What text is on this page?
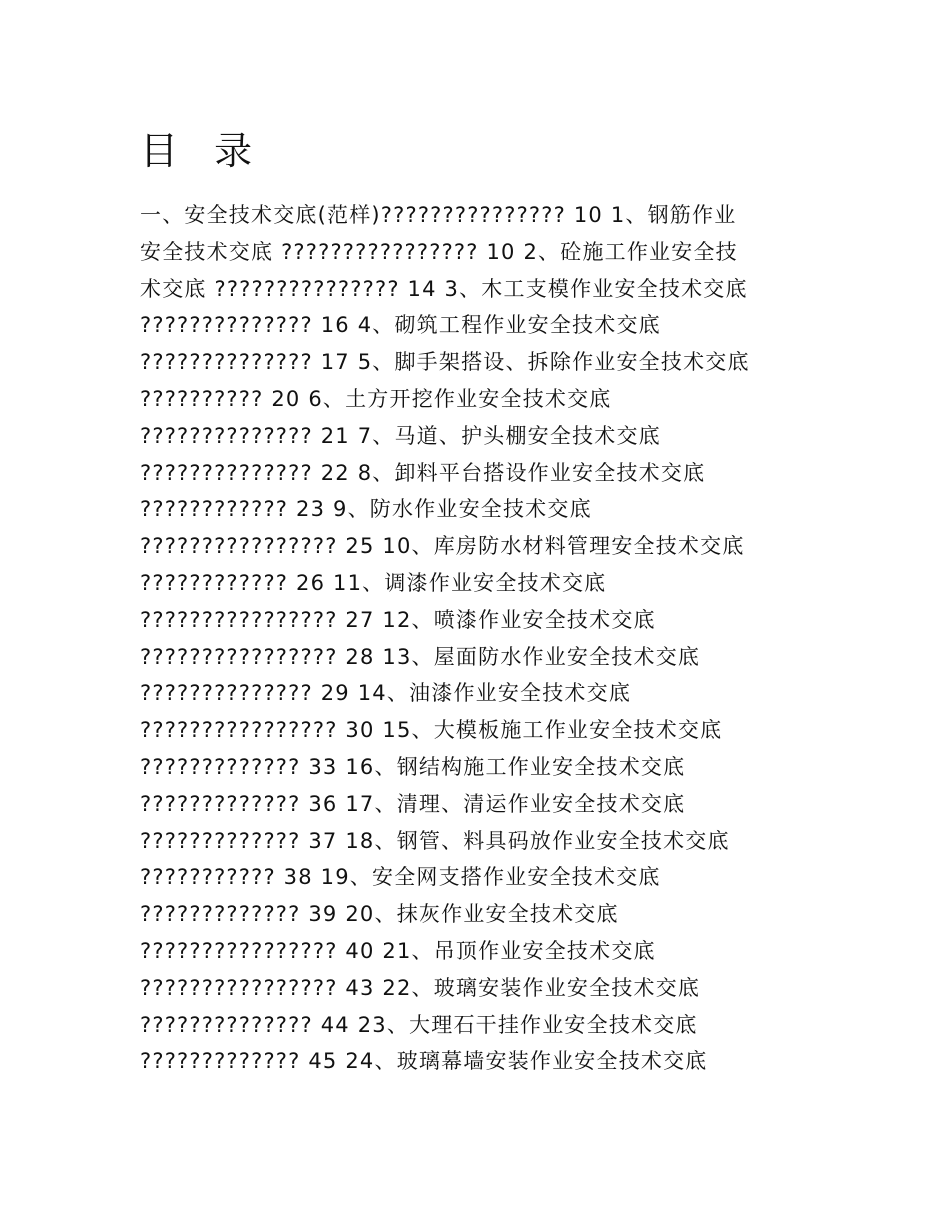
目 录
一、安全技术交底(范样)??????????????? 10 1、钢筋作业
安全技术交底 ???????????????? 10 2、砼施工作业安全技
术交底 ??????????????? 14 3、木工支模作业安全技术交底
?????????????? 16 4、砌筑工程作业安全技术交底
?????????????? 17 5、脚手架搭设、拆除作业安全技术交底
?????????? 20 6、土方开挖作业安全技术交底
?????????????? 21 7、马道、护头棚安全技术交底
?????????????? 22 8、卸料平台搭设作业安全技术交底
???????????? 23 9、防水作业安全技术交底
???????????????? 25 10、库房防水材料管理安全技术交底
???????????? 26 11、调漆作业安全技术交底
???????????????? 27 12、喷漆作业安全技术交底
???????????????? 28 13、屋面防水作业安全技术交底
?????????????? 29 14、油漆作业安全技术交底
???????????????? 30 15、大模板施工作业安全技术交底
????????????? 33 16、钢结构施工作业安全技术交底
????????????? 36 17、清理、清运作业安全技术交底
????????????? 37 18、钢管、料具码放作业安全技术交底
??????????? 38 19、安全网支搭作业安全技术交底
????????????? 39 20、抹灰作业安全技术交底
???????????????? 40 21、吊顶作业安全技术交底
???????????????? 43 22、玻璃安装作业安全技术交底
?????????????? 44 23、大理石干挂作业安全技术交底
????????????? 45 24、玻璃幕墙安装作业安全技术交底
